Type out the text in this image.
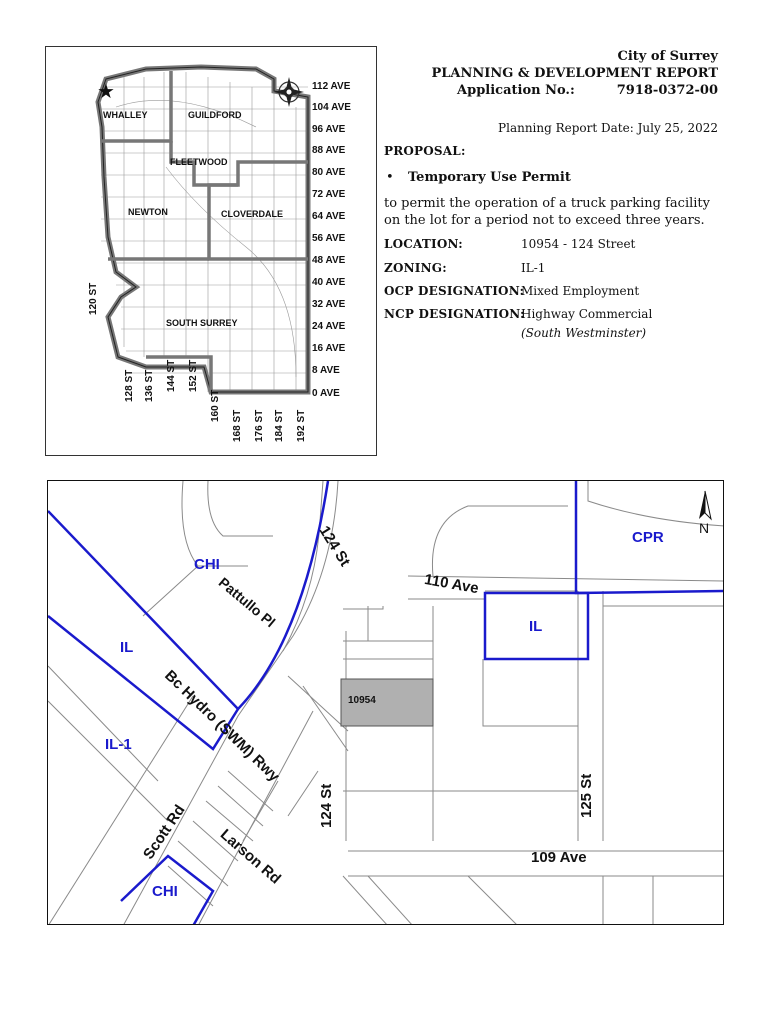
★
WHALLEY	GUILDFORD
FLEETWOOD
NEWTON	CLOVERDALE
SOUTH SURREY
112 AVE
104 AVE
96 AVE
88 AVE
80 AVE
72 AVE
64 AVE
56 AVE
48 AVE
40 AVE
32 AVE
24 AVE
16 AVE
8 AVE
0 AVE
120 ST
128 ST 136 ST 144 ST 152 ST
160 ST
168 ST 176 ST 184 ST 192 ST
City of Surrey
PLANNING & DEVELOPMENT REPORT
Application No.:	7918-0372-00
Planning Report Date: July 25, 2022
PROPOSAL:
• Temporary Use Permit
to permit the operation of a truck parking facility on the lot for a period not to exceed three years.
LOCATION:	10954 - 124 Street
ZONING:	IL-1
OCP DESIGNATION:
Mixed Employment
NCP DESIGNATION:
Highway Commercial
(South Westminster)
CHI
IL
IL-1
CPR
IL
CHI
124 St
110 Ave
Pattullo Pl
Bc Hydro (SWM) Rwy
Scott Rd Larson Rd
124 St	125 St
109 Ave
10954
N
